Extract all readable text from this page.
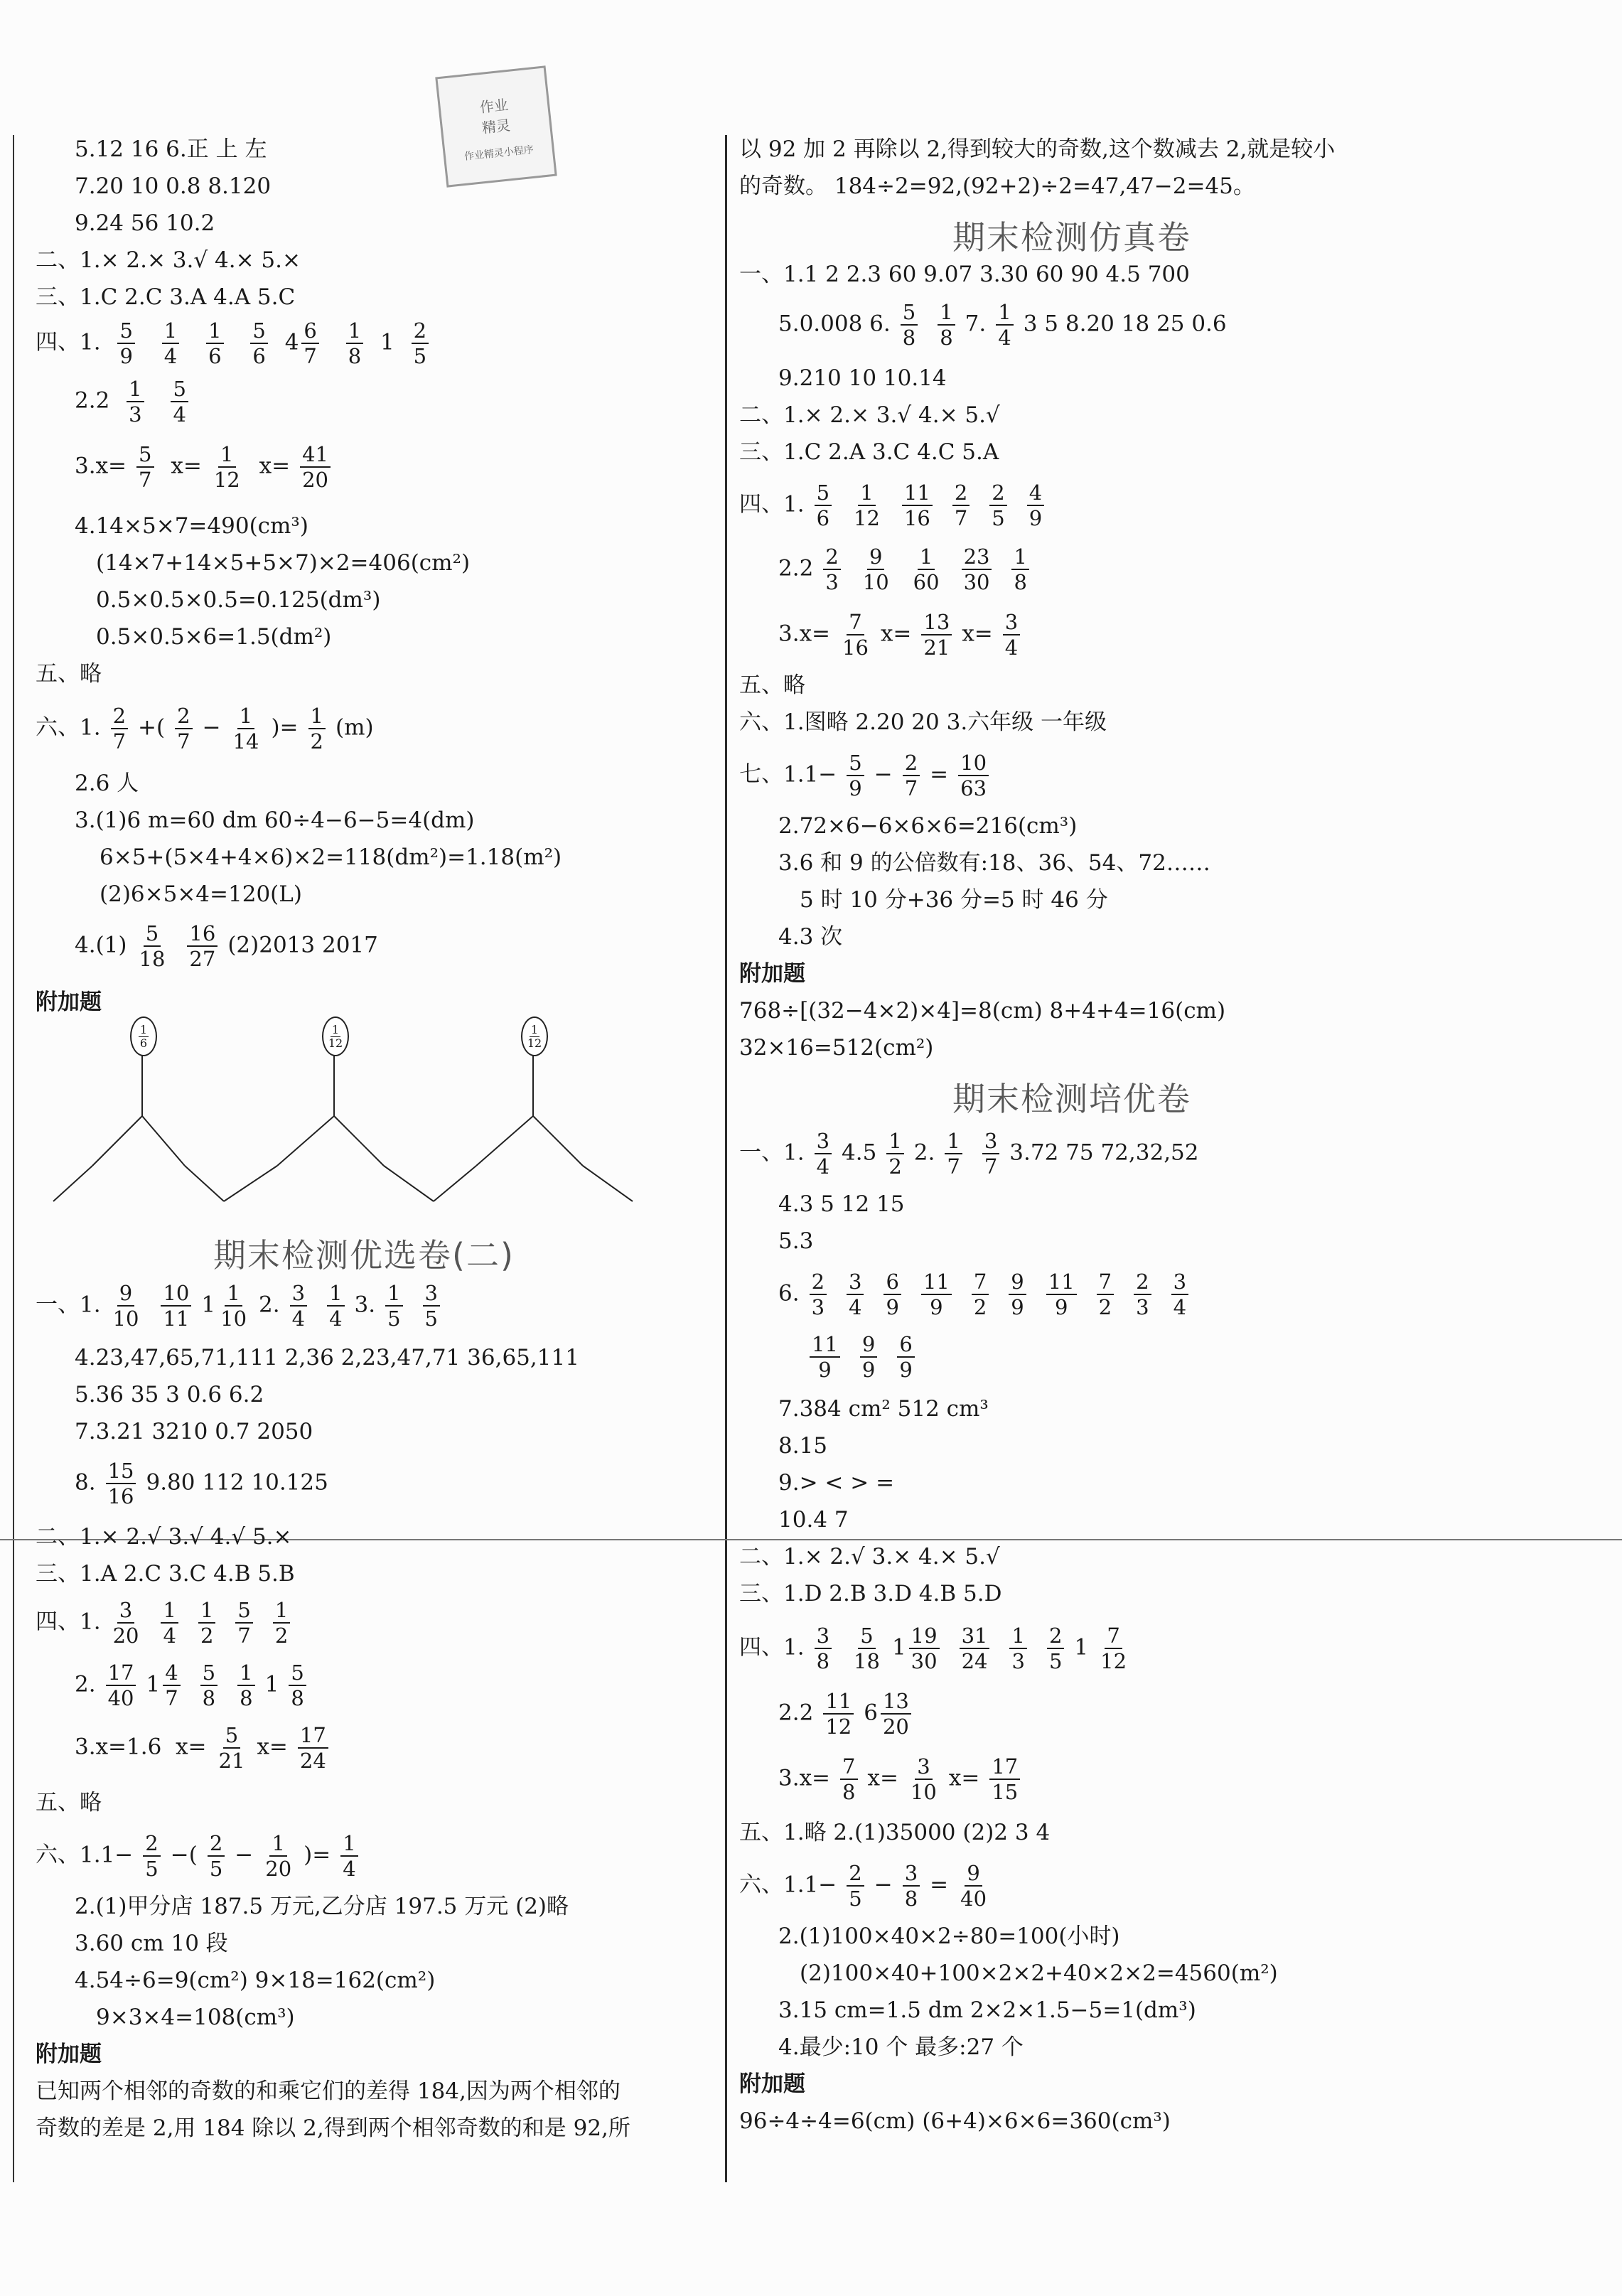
作业
精灵
作业精灵小程序
5.12 16 6.正 上 左
7.20 10 0.8 8.120
9.24 56 10.2
二、1.× 2.× 3.√ 4.× 5.×
三、1.C 2.C 3.A 4.A 5.C
四、1. $\frac{5}{9}$
$\frac{1}{4}$
$\frac{1}{6}$
$\frac{5}{6} 4 \frac{6}{7}$
$\frac{1}{8} 1 \frac{2}{5}$
$2.2 \frac{1}{3}$
$\frac{5}{4}$
$3.x= \frac{5}{7} x= \frac{1}{12} x= \frac{41}{20}$
4.14×5×7=490(cm³)
(14×7+14×5+5×7)×2=406(cm²)
0.5×0.5×0.5=0.125(dm³)
0.5×0.5×6=1.5(dm²)
五、略
六、1. $\frac{2}{7}$ +( $\frac{2}{7} - \frac{1}{14}$ )= $\frac{1}{2} (m)$
2.6 人
3.(1)6 m=60 dm 60÷4−6−5=4(dm)
6×5+(5×4+4×6)×2=118(dm²)=1.18(m²)
(2)6×5×4=120(L)
$4.(1) \frac{5}{18} \frac{16}{27} (2)2013$ 2017
附加题
$\frac{1}{6}$	$\frac{1}{12}$	$\frac{1}{12}$
期末检测优选卷(二)
一、1. $\frac{9}{10} \frac{10}{11} 1 \frac{1}{10} 2$. $\frac{3}{4} \frac{1}{4} 3$. $\frac{1}{5} \frac{3}{5}$
4.23,47,65,71,111 2,36 2,23,47,71 36,65,111
5.36 35 3 0.6 6.2
7.3.21 3210 0.7 2050
8. $\frac{15}{16} 9.80$ 112 10.125
二、1.× 2.√ 3.√ 4.√ 5.×
三、1.A 2.C 3.C 4.B 5.B
四、1. $\frac{3}{20} \frac{1}{4} \frac{1}{2} \frac{5}{7} \frac{1}{2}$
2. $\frac{17}{40} 1 \frac{4}{7} \frac{5}{8} \frac{1}{8} 1 \frac{5}{8}$
3.x=1.6 $x= \frac{5}{21} x= \frac{17}{24}$
五、略
六、$1.1- \frac{2}{5}$ −( $\frac{2}{5} - \frac{1}{20}$ )= $\frac{1}{4}$
2.(1)甲分店 187.5 万元,乙分店 197.5 万元 (2)略
3.60 cm 10 段
4.54÷6=9(cm²) 9×18=162(cm²)
9×3×4=108(cm³)
附加题
已知两个相邻的奇数的和乘它们的差得 184,因为两个相邻的
奇数的差是 2,用 184 除以 2,得到两个相邻奇数的和是 92,所
以 92 加 2 再除以 2,得到较大的奇数,这个数减去 2,就是较小
的奇数。 184÷2=92,(92+2)÷2=47,47−2=45。
期末检测仿真卷
一、1.1 2 2.3 60 9.07 3.30 60 90 4.5 700
5.0.008 6. $\frac{5}{8} \frac{1}{8} 7$. $\frac{1}{4} 3$ 5 8.20 18 25 0.6
9.210 10 10.14
二、1.× 2.× 3.√ 4.× 5.√
三、1.C 2.A 3.C 4.C 5.A
四、1. $\frac{5}{6} \frac{1}{12} \frac{11}{16} \frac{2}{7} \frac{2}{5} \frac{4}{9}$
$2.2 \frac{2}{3} \frac{9}{10} \frac{1}{60} \frac{23}{30} \frac{1}{8}$
$3.x= \frac{7}{16} x= \frac{13}{21} x= \frac{3}{4}$
五、略
六、1.图略 2.20 20 3.六年级 一年级
七、$1.1- \frac{5}{9} - \frac{2}{7} = \frac{10}{63}$
2.72×6−6×6×6=216(cm³)
3.6 和 9 的公倍数有:18、36、54、72……
5 时 10 分+36 分=5 时 46 分
4.3 次
附加题
768÷[(32−4×2)×4]=8(cm) 8+4+4=16(cm)
32×16=512(cm²)
期末检测培优卷
一、1. $\frac{3}{4} 4.5 \frac{1}{2} 2$. $\frac{1}{7} \frac{3}{7} 3.72$ 75 72,32,52
4.3 5 12 15
5.3
6. $\frac{2}{3} \frac{3}{4} \frac{6}{9} \frac{11}{9} \frac{7}{2} \frac{9}{9} \frac{11}{9} \frac{7}{2} \frac{2}{3} \frac{3}{4}$
$\frac{11}{9} \frac{9}{9} \frac{6}{9}$
7.384 cm² 512 cm³
8.15
9.> < > =
10.4 7
二、1.× 2.√ 3.× 4.× 5.√
三、1.D 2.B 3.D 4.B 5.D
四、1. $\frac{3}{8} \frac{5}{18} 1 \frac{19}{30} \frac{31}{24} \frac{1}{3} \frac{2}{5} 1 \frac{7}{12}$
$2.2 \frac{11}{12} 6 \frac{13}{20}$
$3.x= \frac{7}{8} x= \frac{3}{10} x= \frac{17}{15}$
五、1.略 2.(1)35000 (2)2 3 4
六、$1.1- \frac{2}{5} - \frac{3}{8} = \frac{9}{40}$
2.(1)100×40×2÷80=100(小时)
(2)100×40+100×2×2+40×2×2=4560(m²)
3.15 cm=1.5 dm 2×2×1.5−5=1(dm³)
4.最少:10 个 最多:27 个
附加题
96÷4÷4=6(cm) (6+4)×6×6=360(cm³)
